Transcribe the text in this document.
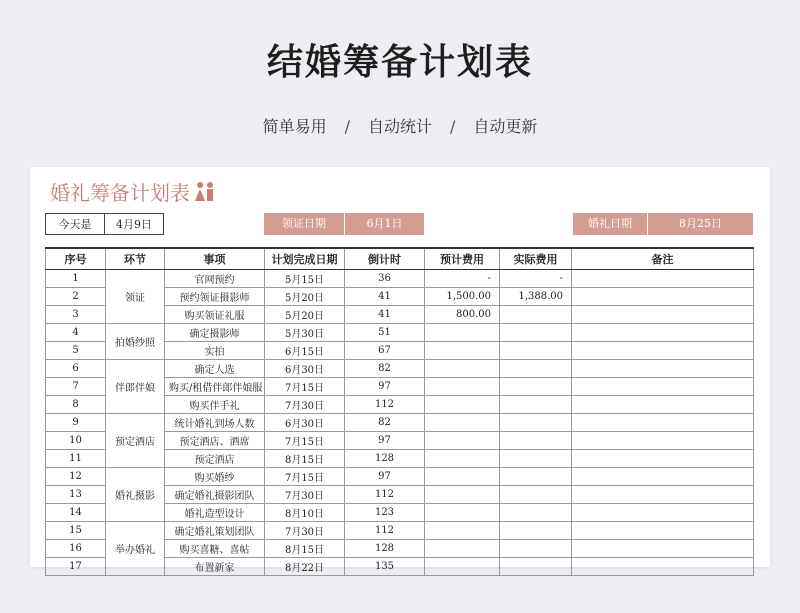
结婚筹备计划表
简单易用 / 自动统计 / 自动更新
婚礼筹备计划表
今天是	4月9日	领证日期	6月1日	婚礼日期	8月25日
序号	环节	事项	计划完成日期	倒计时	预计费用	实际费用	备注
1	领证	官网预约	5月15日	36	-	-	
2		预约领证摄影师	5月20日	41	1,500.00	1,388.00	
3		购买领证礼服	5月20日	41	800.00		
4	拍婚纱照	确定摄影师	5月30日	51			
5		实拍	6月15日	67			
6	伴郎伴娘	确定人选	6月30日	82			
7		购买/租借伴郎伴娘服	7月15日	97			
8		购买伴手礼	7月30日	112			
9	预定酒店	统计婚礼到场人数	6月30日	82			
10		预定酒店、酒席	7月15日	97			
11		预定酒店	8月15日	128			
12	婚礼摄影	购买婚纱	7月15日	97			
13		确定婚礼摄影团队	7月30日	112			
14		婚礼造型设计	8月10日	123			
15	举办婚礼	确定婚礼策划团队	7月30日	112			
16		购买喜糖、喜帖	8月15日	128			
17		布置新家	8月22日	135			
